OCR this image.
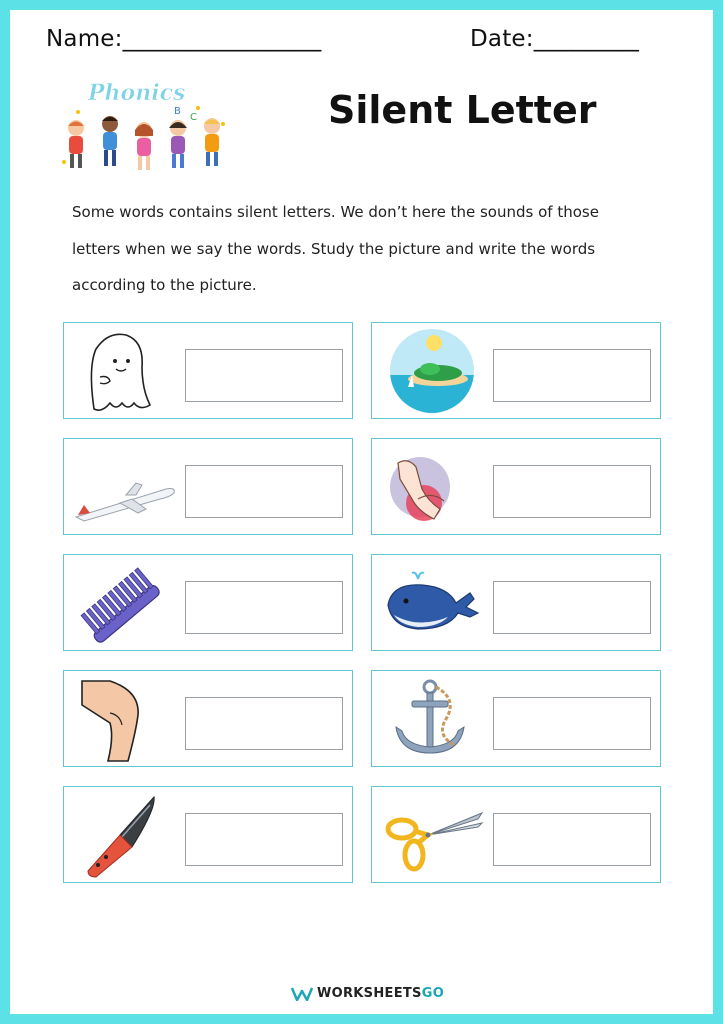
Name:_________________	Date:_________
Phonics
C
B	Silent Letter
Some words contains silent letters. We don’t here the sounds of those letters when we say the words. Study the picture and write the words according to the picture.
WORKSHEETS GO
